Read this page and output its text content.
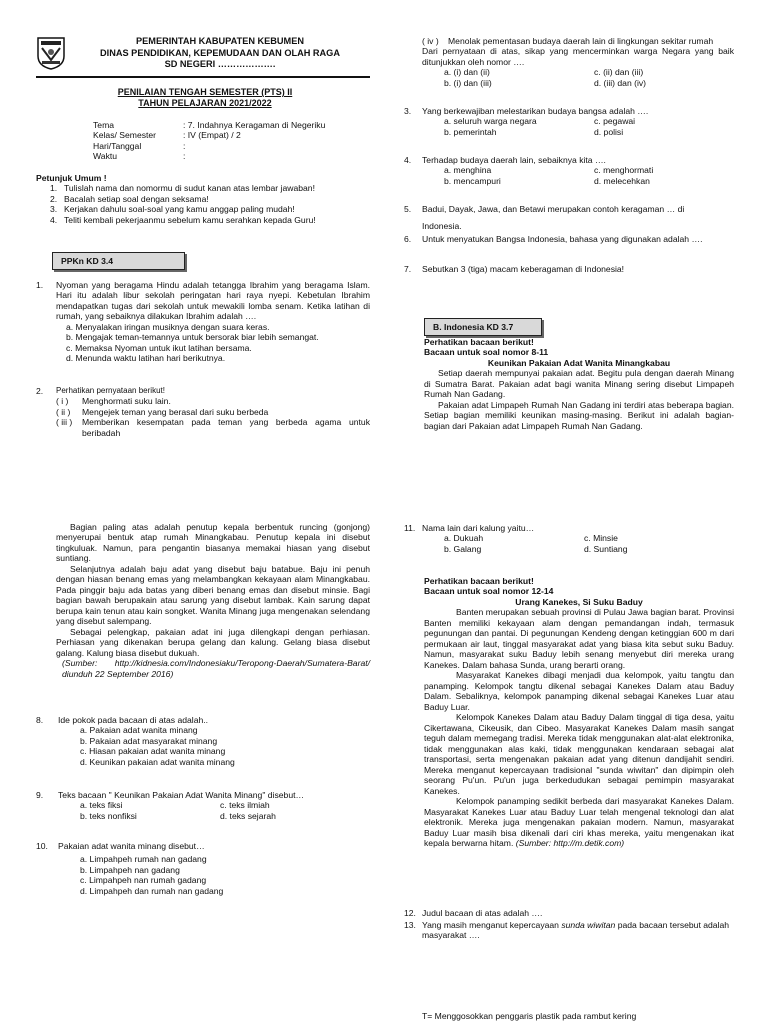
PEMERINTAH KABUPATEN KEBUMEN
DINAS PENDIDIKAN, KEPEMUDAAN DAN OLAH RAGA
SD NEGERI ……………….
PENILAIAN TENGAH SEMESTER (PTS) II
TAHUN PELAJARAN 2021/2022
Tema	: 7. Indahnya Keragaman di Negeriku
Kelas/ Semester	: IV (Empat) / 2
Hari/Tanggal	:
Waktu	:
Petunjuk Umum !
1. Tulislah nama dan nomormu di sudut kanan atas lembar jawaban!
2. Bacalah setiap soal dengan seksama!
3. Kerjakan dahulu soal-soal yang kamu anggap paling mudah!
4. Teliti kembali pekerjaanmu sebelum kamu serahkan kepada Guru!
PPKn KD 3.4
1.	Nyoman yang beragama Hindu adalah tetangga Ibrahim yang beragama Islam. Hari itu adalah libur sekolah peringatan hari raya nyepi. Kebetulan Ibrahim mendapatkan tugas dari sekolah untuk mewakili lomba senam. Ketika latihan di rumah, yang sebaiknya dilakukan Ibrahim adalah ….
a. Menyalakan iringan musiknya dengan suara keras.
b. Mengajak teman-temannya untuk bersorak biar lebih semangat.
c. Memaksa Nyoman untuk ikut latihan bersama.
d. Menunda waktu latihan hari berikutnya.
2.	Perhatikan pernyataan berikut!
( i )	Menghormati suku lain.
( ii )	Mengejek teman yang berasal dari suku berbeda
( iii )	Memberikan kesempatan pada teman yang berbeda agama untuk beribadah
( iv )	Menolak pementasan budaya daerah lain di lingkungan sekitar rumah
Dari pernyataan di atas, sikap yang mencerminkan warga Negara yang baik ditunjukkan oleh nomor ….
a. (i) dan (ii)
b. (i) dan (iii)
c. (ii) dan (iii)
d. (iii) dan (iv)
3.	Yang berkewajiban melestarikan budaya bangsa adalah ….
a. seluruh warga negara
b. pemerintah
c. pegawai
d. polisi
4.	Terhadap budaya daerah lain, sebaiknya kita ….
a. menghina
b. mencampuri
c. menghormati
d. melecehkan
5.	Badui, Dayak, Jawa, dan Betawi merupakan contoh keragaman … di Indonesia.
6.	Untuk menyatukan Bangsa Indonesia, bahasa yang digunakan adalah ….
7.	Sebutkan 3 (tiga) macam keberagaman di Indonesia!
B. Indonesia KD 3.7
Perhatikan bacaan berikut!
Bacaan untuk soal nomor 8-11
Keunikan Pakaian Adat Wanita Minangkabau
Setiap daerah mempunyai pakaian adat. Begitu pula dengan daerah Minang di Sumatra Barat. Pakaian adat bagi wanita Minang sering disebut Limpapeh Rumah Nan Gadang.
Pakaian adat Limpapeh Rumah Nan Gadang ini terdiri atas beberapa bagian. Setiap bagian memiliki keunikan masing-masing. Berikut ini adalah bagian-bagian dari Pakaian adat Limpapeh Rumah Nan Gadang.
Bagian paling atas adalah penutup kepala berbentuk runcing (gonjong) menyerupai bentuk atap rumah Minangkabau. Penutup kepala ini disebut tingkuluak. Namun, para pengantin biasanya memakai hiasan yang disebut suntiang.
Selanjutnya adalah baju adat yang disebut baju batabue. Baju ini penuh dengan hiasan benang emas yang melambangkan kekayaan alam Minangkabau. Pada pinggir baju ada batas yang diberi benang emas dan disebut minsie. Bagi bagian bawah berupakain atau sarung yang disebut lambak. Kain sarung dapat berupa kain tenun atau kain songket. Wanita Minang juga mengenakan selendang yang disebut salempang.
Sebagai pelengkap, pakaian adat ini juga dilengkapi dengan perhiasan. Perhiasan yang dikenakan berupa gelang dan kalung. Gelang biasa disebut galang. Kalung biasa disebut dukuah.
(Sumber: http://kidnesia.com/Indonesiaku/Teropong-Daerah/Sumatera-Barat/ diunduh 22 September 2016)
8.	Ide pokok pada bacaan di atas adalah..
a. Pakaian adat wanita minang
b. Pakaian adat masyarakat minang
c. Hiasan pakaian adat wanita minang
d. Keunikan pakaian adat wanita minang
9.	Teks bacaan " Keunikan Pakaian Adat Wanita Minang" disebut…
a. teks fiksi
b. teks nonfiksi
c. teks ilmiah
d. teks sejarah
10.	Pakaian adat wanita minang disebut…
a. Limpahpeh rumah nan gadang
b. Limpahpeh nan gadang
c. Limpahpeh nan rumah gadang
d. Limpahpeh dan rumah nan gadang
11. Nama lain dari kalung yaitu…
a. Dukuah
b. Galang
c. Minsie
d. Suntiang
Perhatikan bacaan berikut!
Bacaan untuk soal nomor 12-14
Urang Kanekes, Si Suku Baduy
Banten merupakan sebuah provinsi di Pulau Jawa bagian barat. Provinsi Banten memiliki kekayaan alam dengan pemandangan indah, termasuk pegunungan dan pantai. Di pegunungan Kendeng dengan ketinggian 600 m dari permukaan air laut, tinggal masyarakat adat yang biasa kita sebut suku Baduy. Namun, masyarakat suku Baduy lebih senang menyebut diri mereka urang Kanekes. Dalam bahasa Sunda, urang berarti orang.
Masyarakat Kanekes dibagi menjadi dua kelompok, yaitu tangtu dan panamping. Kelompok tangtu dikenal sebagai Kanekes Dalam atau Baduy Dalam. Sebaliknya, kelompok panamping dikenal sebagai Kanekes Luar atau Baduy Luar.
Kelompok Kanekes Dalam atau Baduy Dalam tinggal di tiga desa, yaitu Cikertawana, Cikeusik, dan Cibeo. Masyarakat Kanekes Dalam masih sangat teguh dalam memegang tradisi. Mereka tidak menggunakan alat-alat elektronika, tidak menggunakan alas kaki, tidak menggunakan kendaraan sebagai alat transportasi, serta mengenakan pakaian adat yang ditenun dandijahit sendiri. Mereka menganut kepercayaan tradisional "sunda wiwitan" dan dipimpin oleh seorang Pu'un. Pu'un juga berkedudukan sebagai pemimpin masyarakat Kanekes.
Kelompok panamping sedikit berbeda dari masyarakat Kanekes Dalam. Masyarakat Kanekes Luar atau Baduy Luar telah mengenal teknologi dan alat elektronik. Mereka juga mengenakan pakaian modern. Namun, masyarakat Baduy Luar masih bisa dikenali dari ciri khas mereka, yaitu mengenakan ikat kepala berwarna hitam. (Sumber: http://m.detik.com)
12. Judul bacaan di atas adalah ….
13. Yang masih menganut kepercayaan sunda wiwitan pada bacaan tersebut adalah masyarakat ….
T= Menggosokkan penggaris plastik pada rambut kering
